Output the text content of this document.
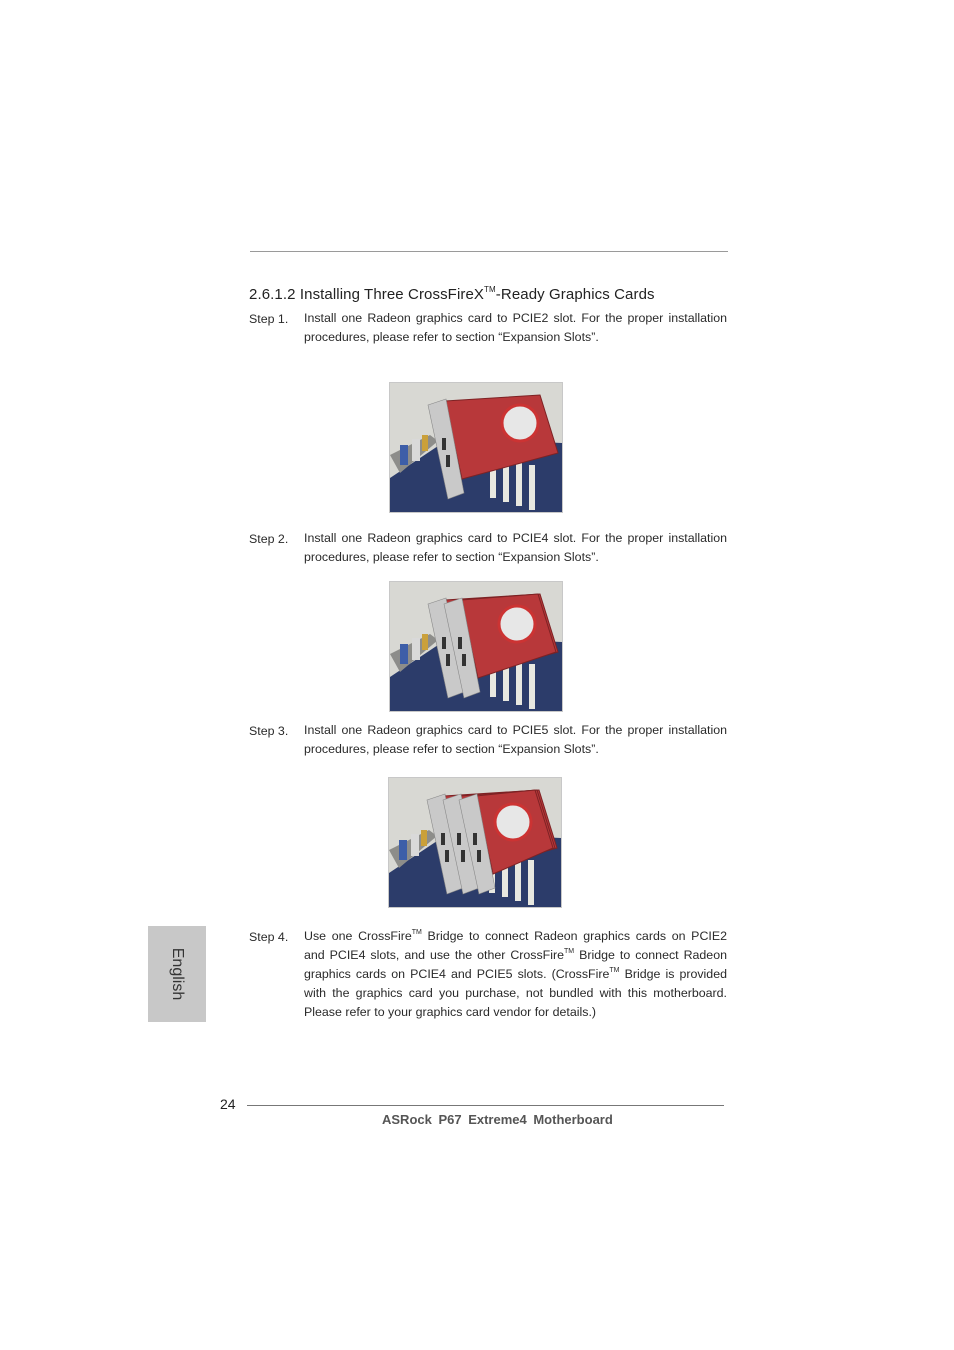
2.6.1.2 Installing Three CrossFireX™-Ready Graphics Cards
Step 1. Install one Radeon graphics card to PCIE2 slot. For the proper installation procedures, please refer to section “Expansion Slots”.
Step 2. Install one Radeon graphics card to PCIE4 slot. For the proper installation procedures, please refer to section “Expansion Slots”.
Step 3. Install one Radeon graphics card to PCIE5 slot. For the proper installation procedures, please refer to section “Expansion Slots”.
Step 4. Use one CrossFire™ Bridge to connect Radeon graphics cards on PCIE2 and PCIE4 slots, and use the other CrossFire™ Bridge to connect Radeon graphics cards on PCIE4 and PCIE5 slots. (CrossFire™ Bridge is provided with the graphics card you purchase, not bundled with this motherboard. Please refer to your graphics card vendor for details.)
English
24
ASRock P67 Extreme4 Motherboard
